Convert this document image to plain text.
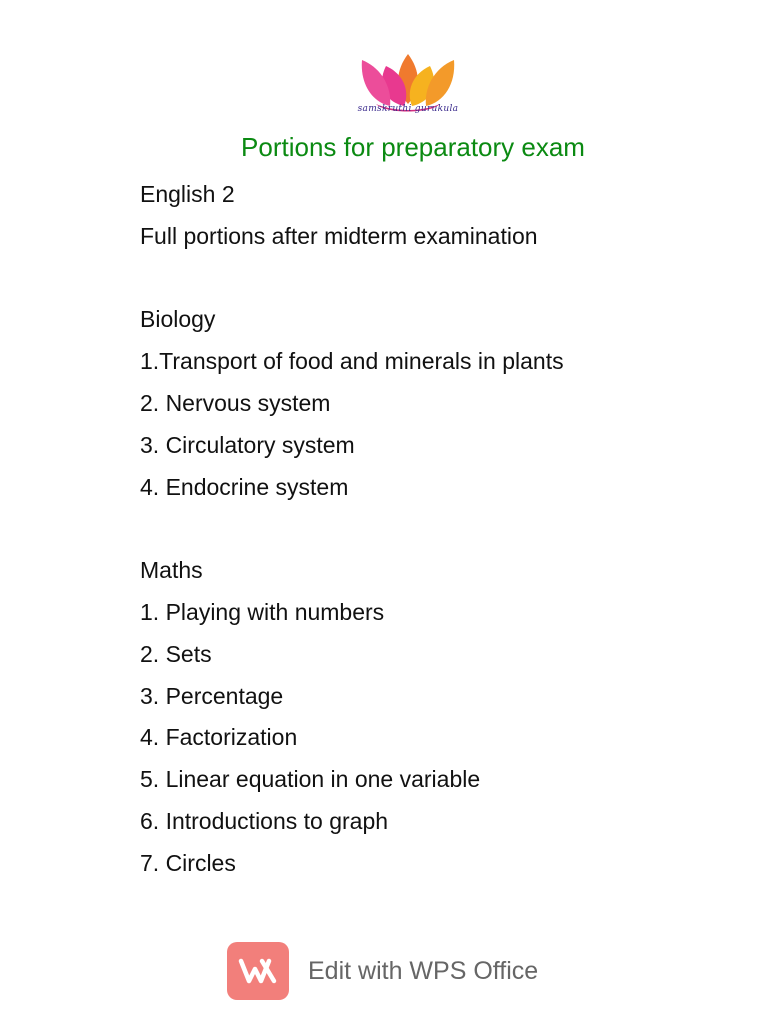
samskruthi gurukula
Portions for preparatory exam
English 2
Full portions after midterm examination
Biology
1.Transport of food and minerals in plants
2. Nervous system
3. Circulatory system
4. Endocrine system
Maths
1. Playing with numbers
2. Sets
3. Percentage
4. Factorization
5. Linear equation in one variable
6. Introductions to graph
7. Circles
Edit with WPS Office
